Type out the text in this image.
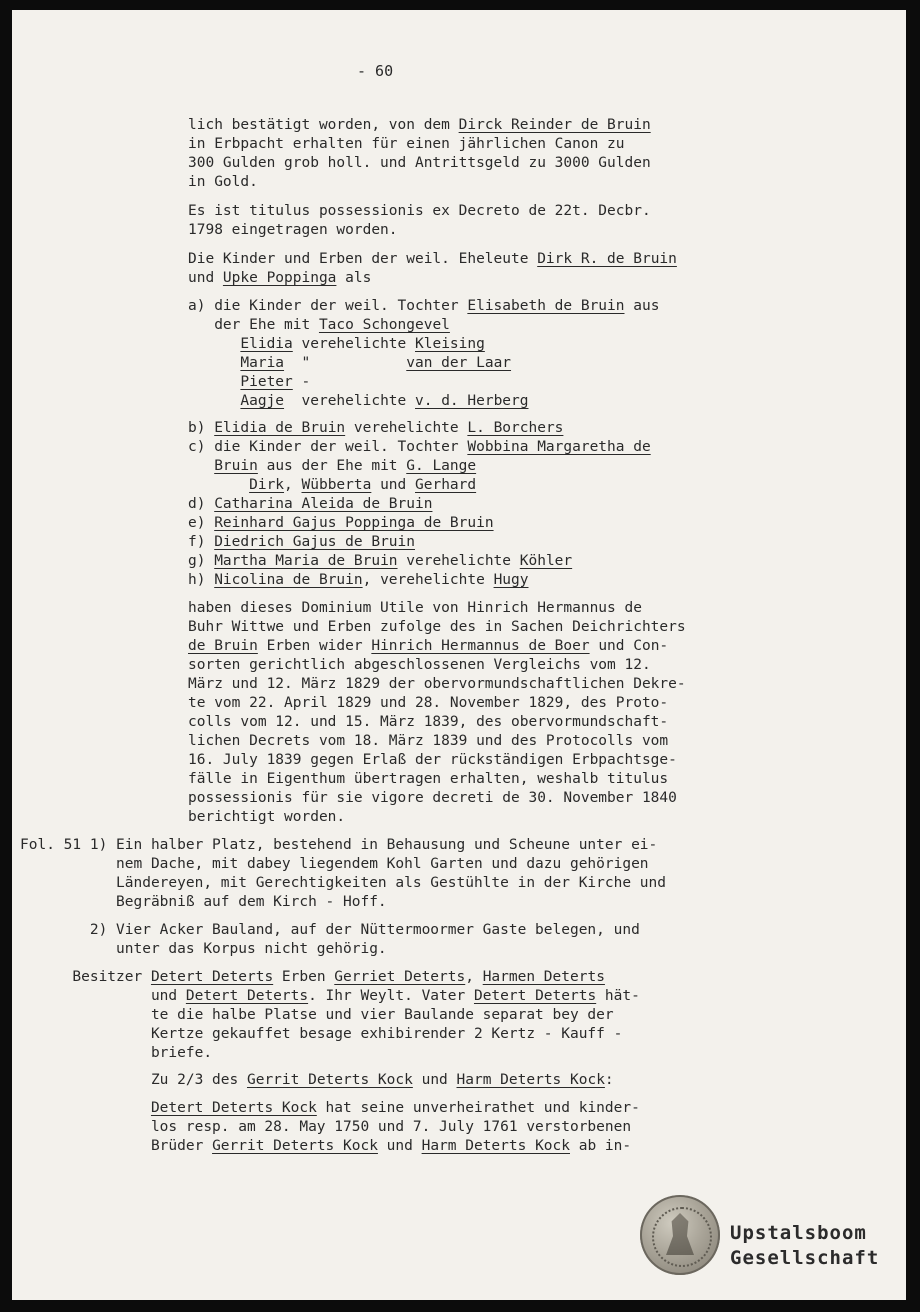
- 60
lich bestätigt worden, von dem Dirck Reinder de Bruin
in Erbpacht erhalten für einen jährlichen Canon zu
300 Gulden grob holl. und Antrittsgeld zu 3000 Gulden
in Gold.
Es ist titulus possessionis ex Decreto de 22t. Decbr.
1798 eingetragen worden.
Die Kinder und Erben der weil. Eheleute Dirk R. de Bruin
und Upke Poppinga als
a) die Kinder der weil. Tochter Elisabeth de Bruin aus
der Ehe mit Taco Schongevel
Elidia verehelichte Kleising
Maria  "           van der Laar
Pieter -
Aagje  verehelichte v. d. Herberg
b) Elidia de Bruin verehelichte L. Borchers
c) die Kinder der weil. Tochter Wobbina Margaretha de
Bruin aus der Ehe mit G. Lange
Dirk, Wübberta und Gerhard
d) Catharina Aleida de Bruin
e) Reinhard Gajus Poppinga de Bruin
f) Diedrich Gajus de Bruin
g) Martha Maria de Bruin verehelichte Köhler
h) Nicolina de Bruin, verehelichte Hugy
haben dieses Dominium Utile von Hinrich Hermannus de
Buhr Wittwe und Erben zufolge des in Sachen Deichrichters
de Bruin Erben wider Hinrich Hermannus de Boer und Con-
sorten gerichtlich abgeschlossenen Vergleichs vom 12.
März und 12. März 1829 der obervormundschaftlichen Dekre-
te vom 22. April 1829 und 28. November 1829, des Proto-
colls vom 12. und 15. März 1839, des obervormundschaft-
lichen Decrets vom 18. März 1839 und des Protocolls vom
16. July 1839 gegen Erlaß der rückständigen Erbpachtsge-
fälle in Eigenthum übertragen erhalten, weshalb titulus
possessionis für sie vigore decreti de 30. November 1840
berichtigt worden.
Fol. 51 1) Ein halber Platz, bestehend in Behausung und Scheune unter ei-
nem Dache, mit dabey liegendem Kohl Garten und dazu gehörigen
Ländereyen, mit Gerechtigkeiten als Gestühlte in der Kirche und
Begräbniß auf dem Kirch - Hoff.
2) Vier Acker Bauland, auf der Nüttermoormer Gaste belegen, und
unter das Korpus nicht gehörig.
Besitzer Detert Deterts Erben Gerriet Deterts, Harmen Deterts
und Detert Deterts. Ihr Weylt. Vater Detert Deterts hät-
te die halbe Platse und vier Baulande separat bey der
Kertze gekauffet besage exhibirender 2 Kertz - Kauff -
briefe.
Zu 2/3 des Gerrit Deterts Kock und Harm Deterts Kock:
Detert Deterts Kock hat seine unverheirathet und kinder-
los resp. am 28. May 1750 und 7. July 1761 verstorbenen
Brüder Gerrit Deterts Kock und Harm Deterts Kock ab in-
Upstalsboom
Gesellschaft
